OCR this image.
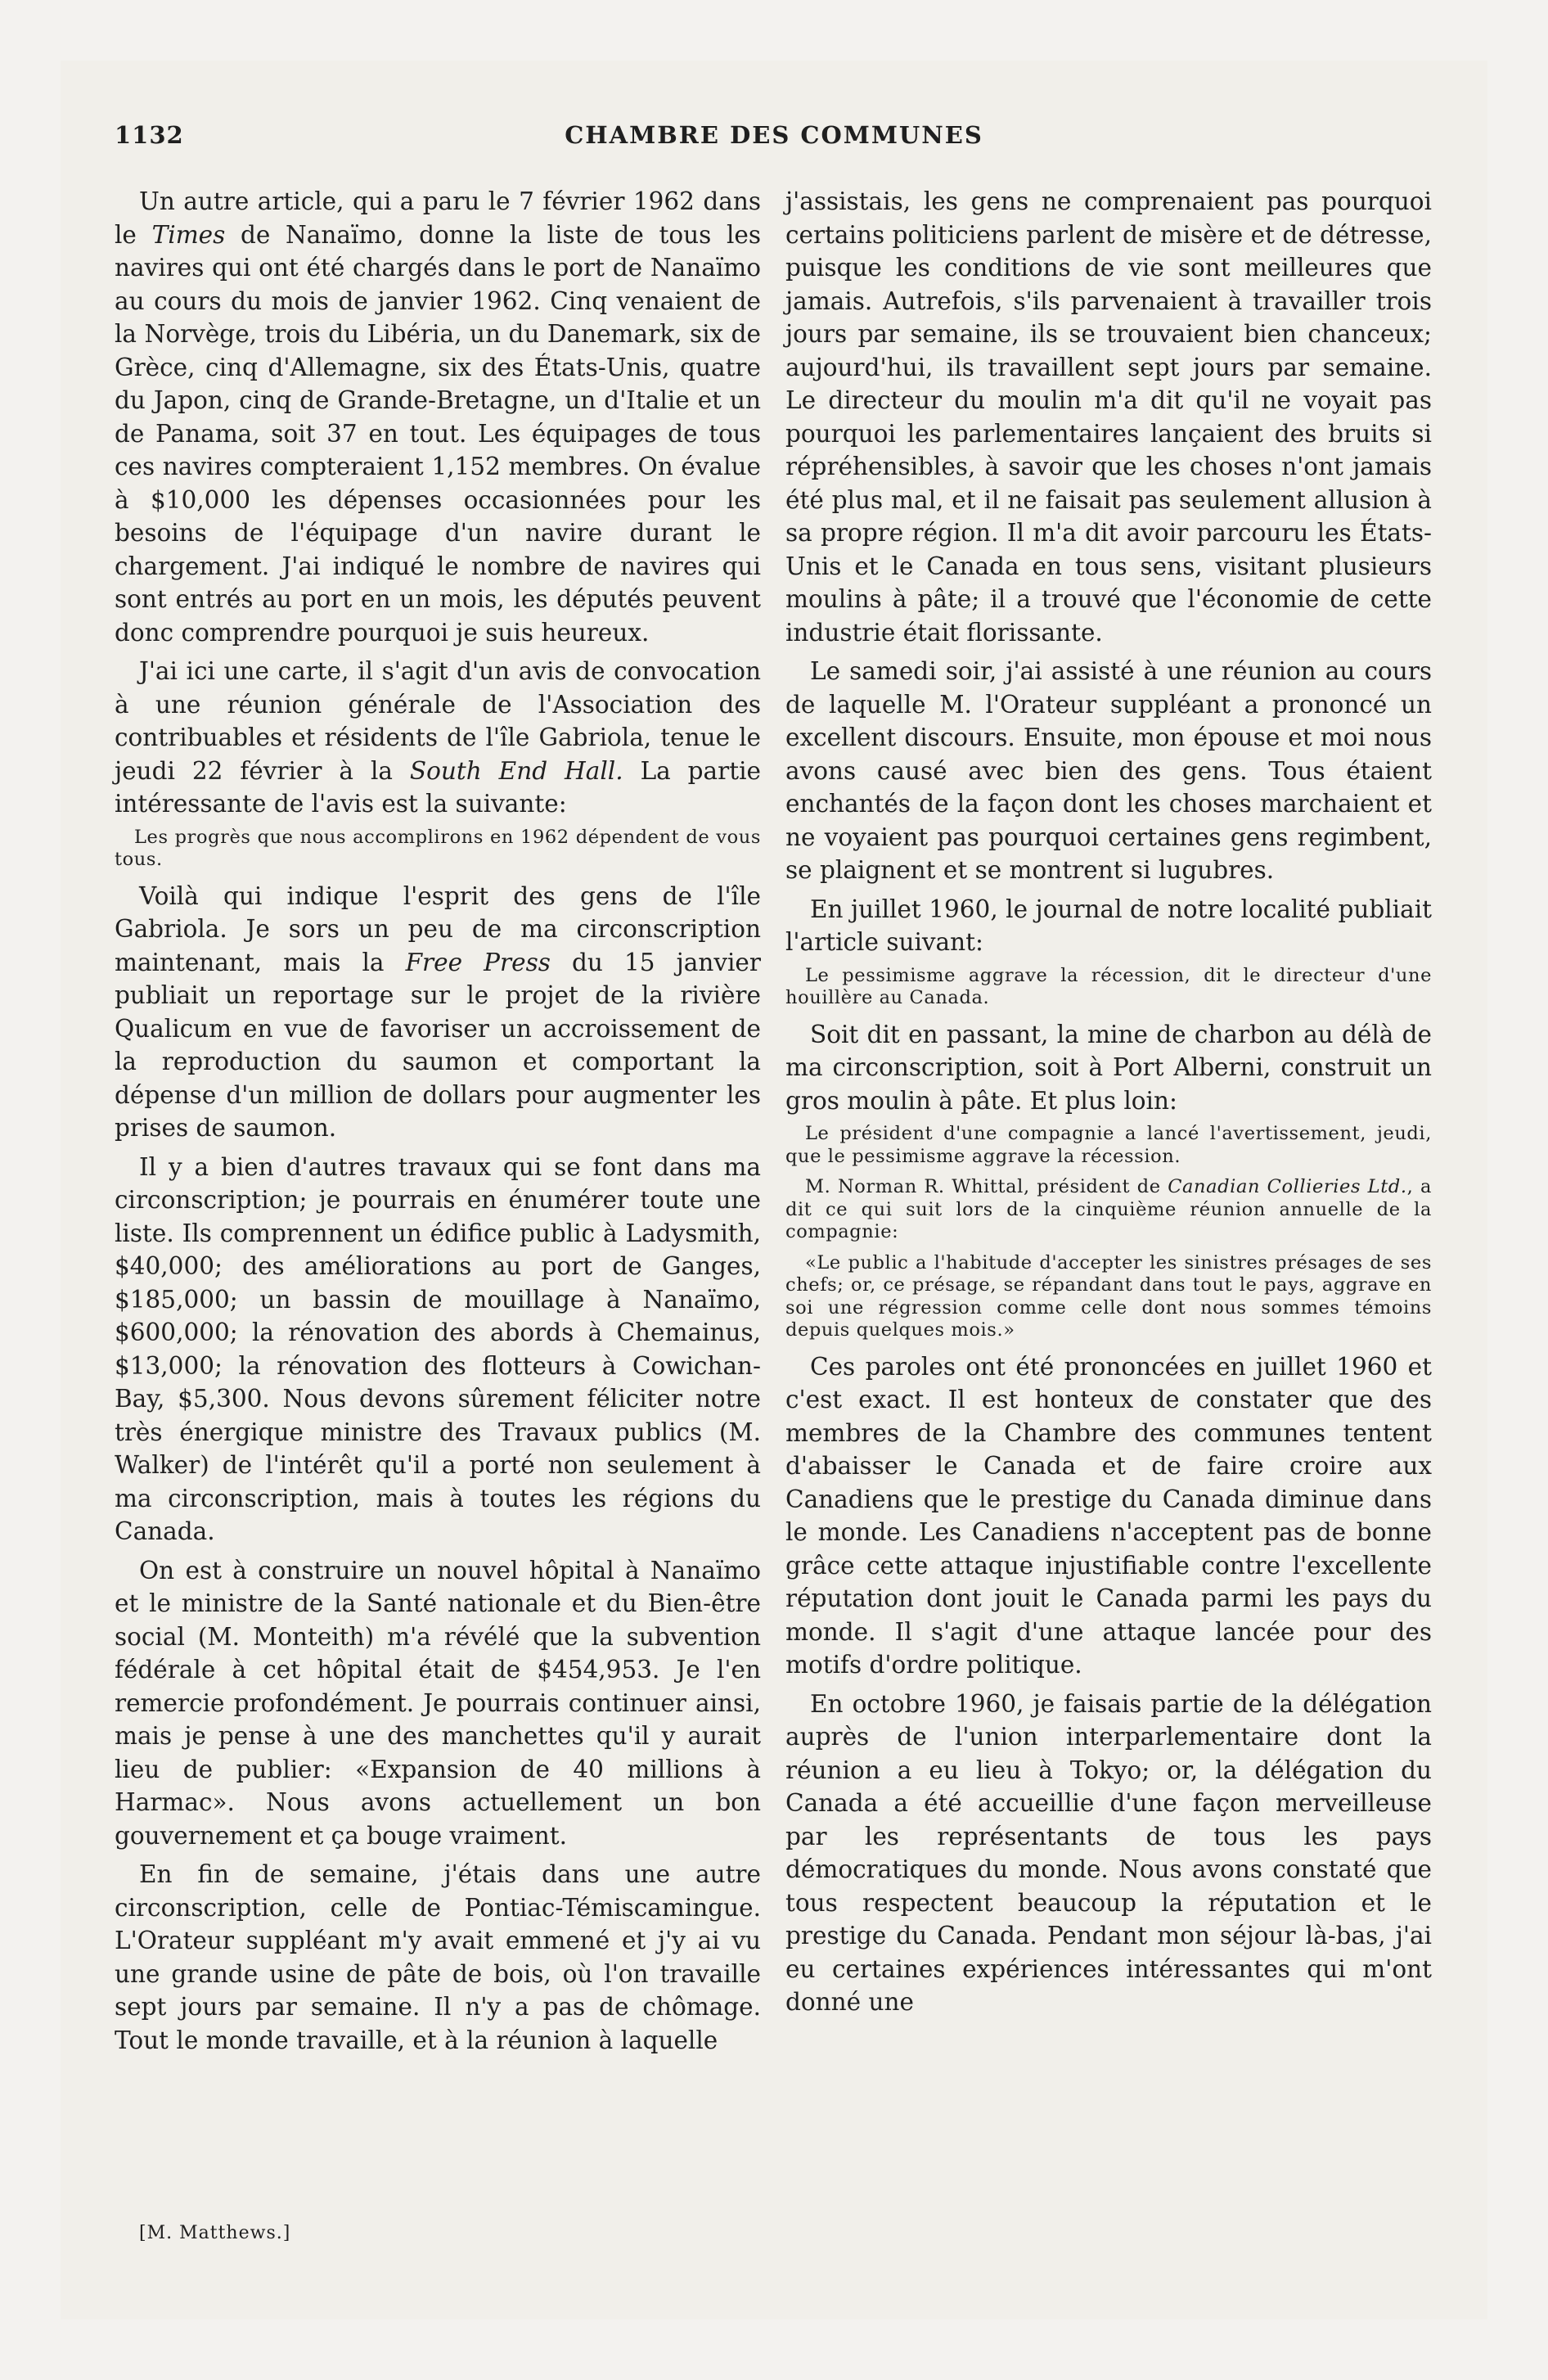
1132	CHAMBRE DES COMMUNES

Un autre article, qui a paru le 7 février 1962 dans le Times de Nanaïmo, donne la liste de tous les navires qui ont été chargés dans le port de Nanaïmo au cours du mois de janvier 1962. Cinq venaient de la Norvège, trois du Libéria, un du Danemark, six de Grèce, cinq d'Allemagne, six des États-Unis, quatre du Japon, cinq de Grande-Bretagne, un d'Italie et un de Panama, soit 37 en tout. Les équipages de tous ces navires compteraient 1,152 membres. On évalue à $10,000 les dépenses occasionnées pour les besoins de l'équipage d'un navire durant le chargement. J'ai indiqué le nombre de navires qui sont entrés au port en un mois, les députés peuvent donc comprendre pourquoi je suis heureux.

J'ai ici une carte, il s'agit d'un avis de convocation à une réunion générale de l'Association des contribuables et résidents de l'île Gabriola, tenue le jeudi 22 février à la South End Hall. La partie intéressante de l'avis est la suivante:

Les progrès que nous accomplirons en 1962 dépendent de vous tous.

Voilà qui indique l'esprit des gens de l'île Gabriola. Je sors un peu de ma circonscription maintenant, mais la Free Press du 15 janvier publiait un reportage sur le projet de la rivière Qualicum en vue de favoriser un accroissement de la reproduction du saumon et comportant la dépense d'un million de dollars pour augmenter les prises de saumon.

Il y a bien d'autres travaux qui se font dans ma circonscription; je pourrais en énumérer toute une liste. Ils comprennent un édifice public à Ladysmith, $40,000; des améliorations au port de Ganges, $185,000; un bassin de mouillage à Nanaïmo, $600,000; la rénovation des abords à Chemainus, $13,000; la rénovation des flotteurs à Cowichan-Bay, $5,300. Nous devons sûrement féliciter notre très énergique ministre des Travaux publics (M. Walker) de l'intérêt qu'il a porté non seulement à ma circonscription, mais à toutes les régions du Canada.

On est à construire un nouvel hôpital à Nanaïmo et le ministre de la Santé nationale et du Bien-être social (M. Monteith) m'a révélé que la subvention fédérale à cet hôpital était de $454,953. Je l'en remercie profondément. Je pourrais continuer ainsi, mais je pense à une des manchettes qu'il y aurait lieu de publier: «Expansion de 40 millions à Harmac». Nous avons actuellement un bon gouvernement et ça bouge vraiment.

En fin de semaine, j'étais dans une autre circonscription, celle de Pontiac-Témiscamingue. L'Orateur suppléant m'y avait emmené et j'y ai vu une grande usine de pâte de bois, où l'on travaille sept jours par semaine. Il n'y a pas de chômage. Tout le monde travaille, et à la réunion à laquelle

j'assistais, les gens ne comprenaient pas pourquoi certains politiciens parlent de misère et de détresse, puisque les conditions de vie sont meilleures que jamais. Autrefois, s'ils parvenaient à travailler trois jours par semaine, ils se trouvaient bien chanceux; aujourd'hui, ils travaillent sept jours par semaine. Le directeur du moulin m'a dit qu'il ne voyait pas pourquoi les parlementaires lançaient des bruits si répréhensibles, à savoir que les choses n'ont jamais été plus mal, et il ne faisait pas seulement allusion à sa propre région. Il m'a dit avoir parcouru les États-Unis et le Canada en tous sens, visitant plusieurs moulins à pâte; il a trouvé que l'économie de cette industrie était florissante.

Le samedi soir, j'ai assisté à une réunion au cours de laquelle M. l'Orateur suppléant a prononcé un excellent discours. Ensuite, mon épouse et moi nous avons causé avec bien des gens. Tous étaient enchantés de la façon dont les choses marchaient et ne voyaient pas pourquoi certaines gens regimbent, se plaignent et se montrent si lugubres.

En juillet 1960, le journal de notre localité publiait l'article suivant:

Le pessimisme aggrave la récession, dit le directeur d'une houillère au Canada.

Soit dit en passant, la mine de charbon au délà de ma circonscription, soit à Port Alberni, construit un gros moulin à pâte. Et plus loin:

Le président d'une compagnie a lancé l'avertissement, jeudi, que le pessimisme aggrave la récession.

M. Norman R. Whittal, président de Canadian Collieries Ltd., a dit ce qui suit lors de la cinquième réunion annuelle de la compagnie:

«Le public a l'habitude d'accepter les sinistres présages de ses chefs; or, ce présage, se répandant dans tout le pays, aggrave en soi une régression comme celle dont nous sommes témoins depuis quelques mois.»

Ces paroles ont été prononcées en juillet 1960 et c'est exact. Il est honteux de constater que des membres de la Chambre des communes tentent d'abaisser le Canada et de faire croire aux Canadiens que le prestige du Canada diminue dans le monde. Les Canadiens n'acceptent pas de bonne grâce cette attaque injustifiable contre l'excellente réputation dont jouit le Canada parmi les pays du monde. Il s'agit d'une attaque lancée pour des motifs d'ordre politique.

En octobre 1960, je faisais partie de la délégation auprès de l'union interparlementaire dont la réunion a eu lieu à Tokyo; or, la délégation du Canada a été accueillie d'une façon merveilleuse par les représentants de tous les pays démocratiques du monde. Nous avons constaté que tous respectent beaucoup la réputation et le prestige du Canada. Pendant mon séjour là-bas, j'ai eu certaines expériences intéressantes qui m'ont donné une

[M. Matthews.]
